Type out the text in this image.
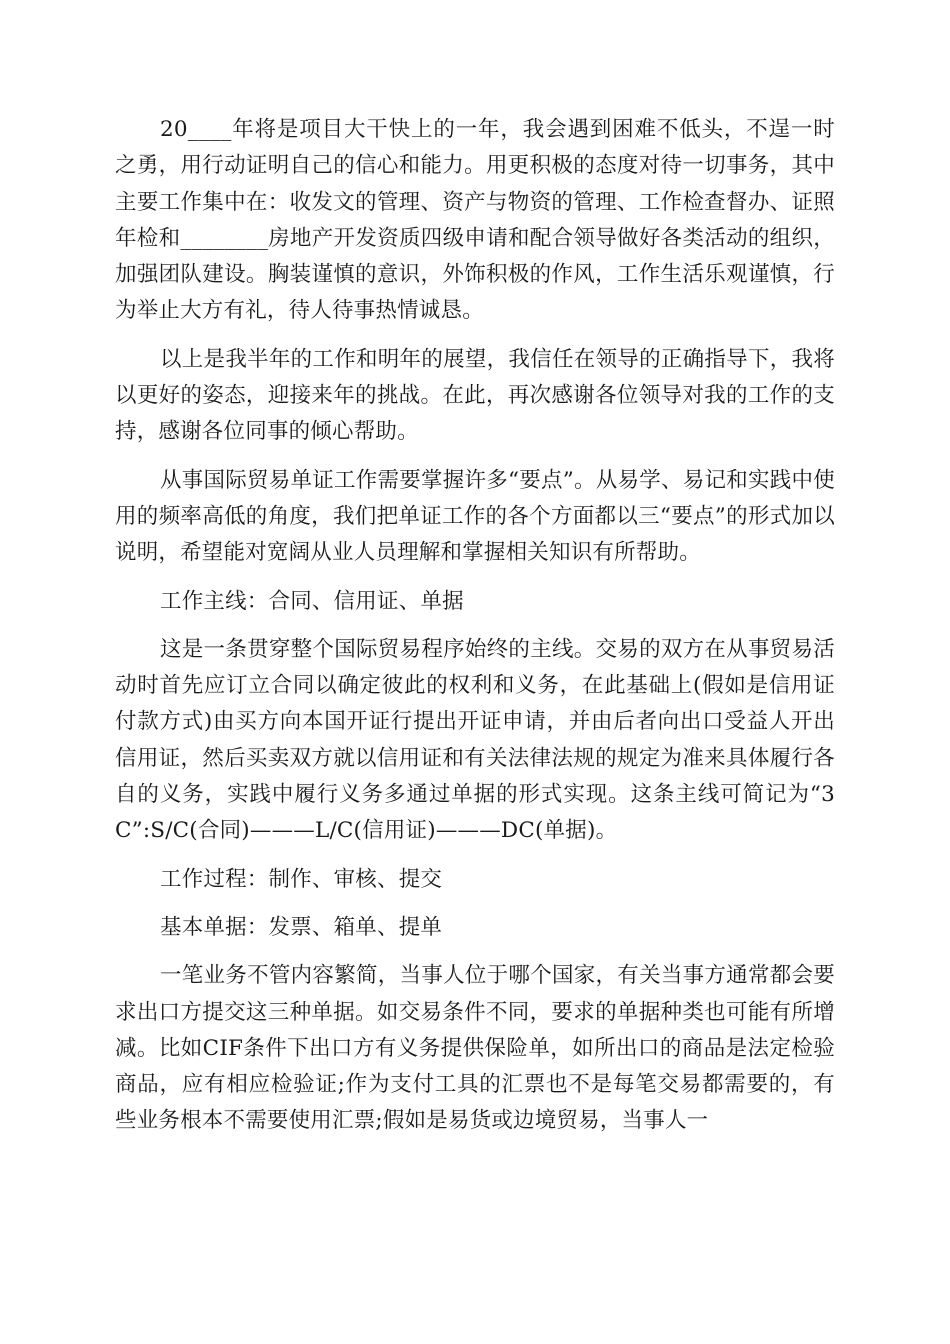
20____年将是项目大干快上的一年，我会遇到困难不低头，不逞一时之勇，用行动证明自己的信心和能力。用更积极的态度对待一切事务，其中主要工作集中在：收发文的管理、资产与物资的管理、工作检查督办、证照年检和________房地产开发资质四级申请和配合领导做好各类活动的组织，加强团队建设。胸装谨慎的意识，外饰积极的作风，工作生活乐观谨慎，行为举止大方有礼，待人待事热情诚恳。

以上是我半年的工作和明年的展望，我信任在领导的正确指导下，我将以更好的姿态，迎接来年的挑战。在此，再次感谢各位领导对我的工作的支持，感谢各位同事的倾心帮助。

从事国际贸易单证工作需要掌握许多“要点”。从易学、易记和实践中使用的频率高低的角度，我们把单证工作的各个方面都以三“要点”的形式加以说明，希望能对宽阔从业人员理解和掌握相关知识有所帮助。

工作主线：合同、信用证、单据

这是一条贯穿整个国际贸易程序始终的主线。交易的双方在从事贸易活动时首先应订立合同以确定彼此的权利和义务，在此基础上(假如是信用证付款方式)由买方向本国开证行提出开证申请，并由后者向出口受益人开出信用证，然后买卖双方就以信用证和有关法律法规的规定为准来具体履行各自的义务，实践中履行义务多通过单据的形式实现。这条主线可简记为“3C”:S/C(合同)———L/C(信用证)———DC(单据)。

工作过程：制作、审核、提交

基本单据：发票、箱单、提单

一笔业务不管内容繁简，当事人位于哪个国家，有关当事方通常都会要求出口方提交这三种单据。如交易条件不同，要求的单据种类也可能有所增减。比如CIF条件下出口方有义务提供保险单，如所出口的商品是法定检验商品，应有相应检验证;作为支付工具的汇票也不是每笔交易都需要的，有些业务根本不需要使用汇票;假如是易货或边境贸易，当事人一
